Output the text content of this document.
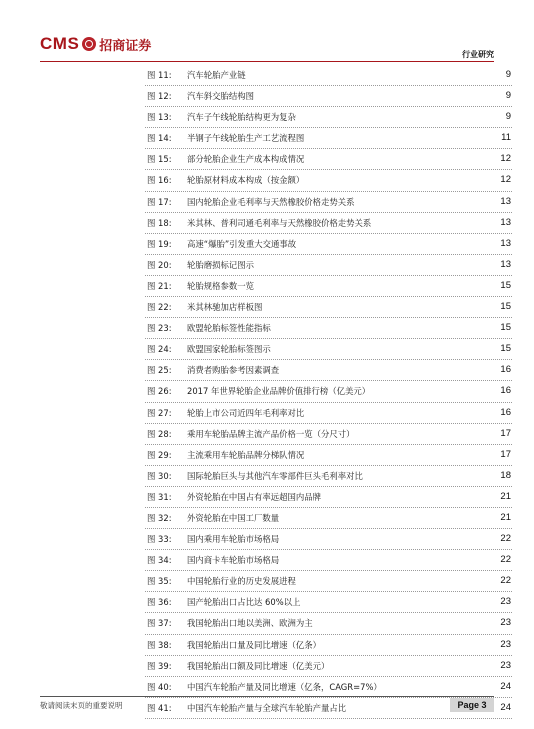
CMS 招商证券
行业研究
图 11: 汽车轮胎产业链	9
图 12: 汽车斜交胎结构图	9
图 13: 汽车子午线轮胎结构更为复杂	9
图 14: 半钢子午线轮胎生产工艺流程图	11
图 15: 部分轮胎企业生产成本构成情况	12
图 16: 轮胎原材料成本构成（按金额）	12
图 17: 国内轮胎企业毛利率与天然橡胶价格走势关系	13
图 18: 米其林、普利司通毛利率与天然橡胶价格走势关系	13
图 19: 高速“爆胎”引发重大交通事故	13
图 20: 轮胎磨损标记图示	13
图 21: 轮胎规格参数一览	15
图 22: 米其林驰加店样板图	15
图 23: 欧盟轮胎标签性能指标	15
图 24: 欧盟国家轮胎标签图示	15
图 25: 消费者购胎参考因素调查	16
图 26: 2017 年世界轮胎企业品牌价值排行榜（亿美元）	16
图 27: 轮胎上市公司近四年毛利率对比	16
图 28: 乘用车轮胎品牌主流产品价格一览（分尺寸）	17
图 29: 主流乘用车轮胎品牌分梯队情况	17
图 30: 国际轮胎巨头与其他汽车零部件巨头毛利率对比	18
图 31: 外资轮胎在中国占有率远超国内品牌	21
图 32: 外资轮胎在中国工厂数量	21
图 33: 国内乘用车轮胎市场格局	22
图 34: 国内商卡车轮胎市场格局	22
图 35: 中国轮胎行业的历史发展进程	22
图 36: 国产轮胎出口占比达 60%以上	23
图 37: 我国轮胎出口地以美洲、欧洲为主	23
图 38: 我国轮胎出口量及同比增速（亿条）	23
图 39: 我国轮胎出口额及同比增速（亿美元）	23
图 40: 中国汽车轮胎产量及同比增速（亿条，CAGR=7%）	24
图 41: 中国汽车轮胎产量与全球汽车轮胎产量占比	24
敬请阅读末页的重要说明	Page 3
